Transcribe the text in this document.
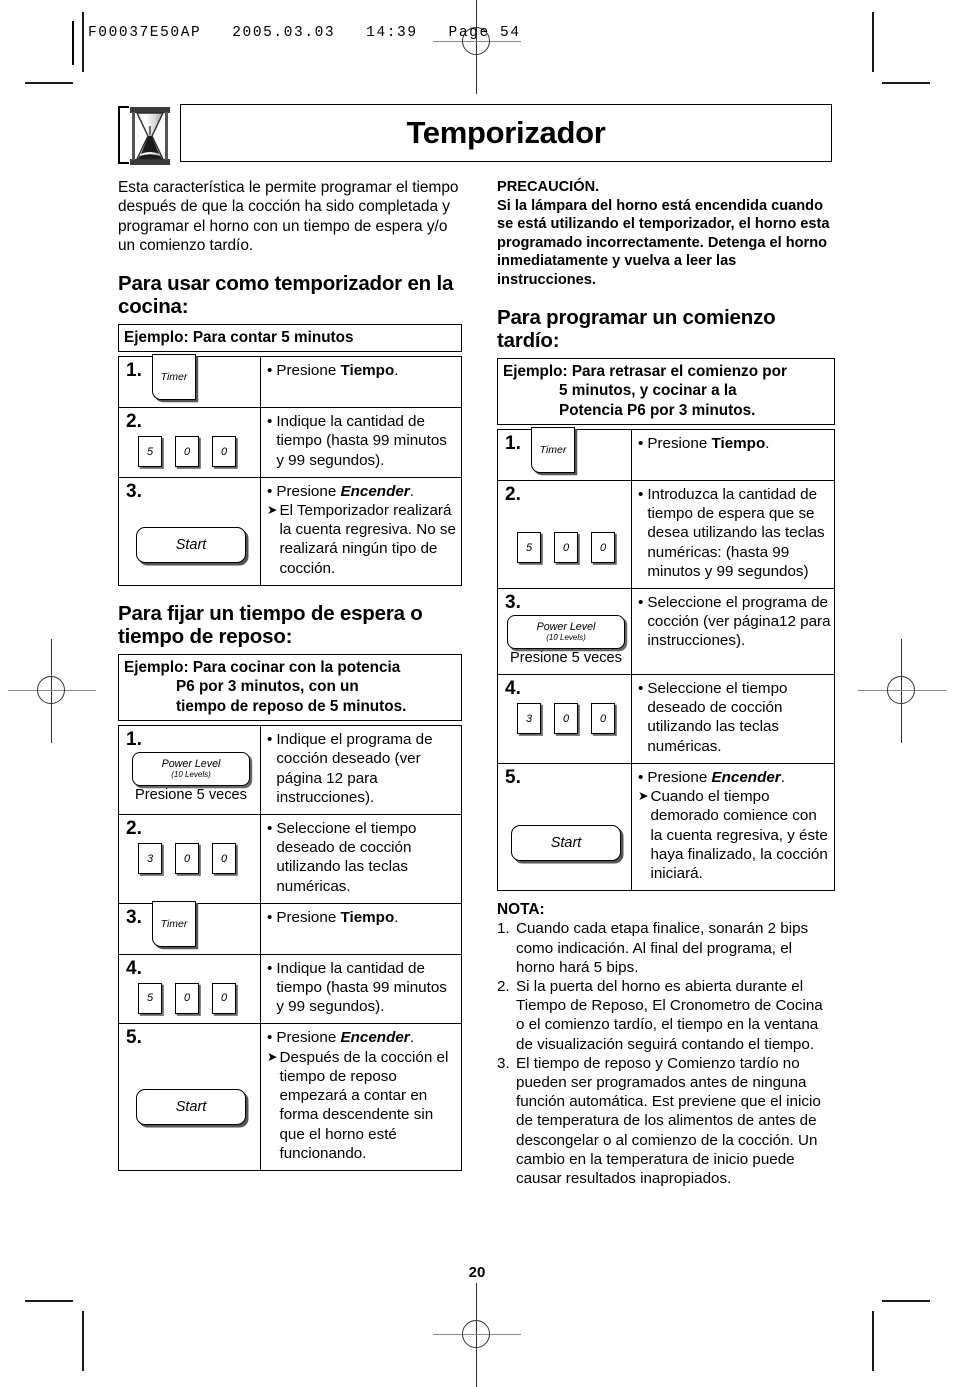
F00037E50AP   2005.03.03   14:39   Page 54
Temporizador

Esta característica le permite programar el tiempo después de que la cocción ha sido completada y programar el horno con un tiempo de espera y/o un comienzo tardío.

Para usar como temporizador en la cocina:
Ejemplo: Para contar 5 minutos
1.	Timer	• Presione Tiempo.
2.
5	0	0
• Indique la cantidad de tiempo (hasta 99 minutos y 99 segundos).
3.
Start
• Presione Encender.
➤ El Temporizador realizará la cuenta regresiva. No se realizará ningún tipo de cocción.
Para fijar un tiempo de espera o tiempo de reposo:
Ejemplo: Para cocinar con la potencia
P6 por 3 minutos, con un
tiempo de reposo de 5 minutos.
1.
Power Level
(10 Levels)
Presione 5 veces
• Indique el programa de cocción deseado (ver página 12 para instrucciones).
2.
3	0	0
• Seleccione el tiempo deseado de cocción utilizando las teclas numéricas.
3.	Timer	• Presione Tiempo.
4.
5	0	0
• Indique la cantidad de tiempo (hasta 99 minutos y 99 segundos).
5.
Start
• Presione Encender.
➤ Después de la cocción el tiempo de reposo empezará a contar en forma descendente sin que el horno esté funcionando.

PRECAUCIÓN.
Si la lámpara del horno está encendida cuando se está utilizando el temporizador, el horno esta programado incorrectamente. Detenga el horno inmediatamente y vuelva a leer las instrucciones.

Para programar un comienzo tardío:
Ejemplo: Para retrasar el comienzo por
5 minutos, y cocinar a la
Potencia P6 por 3 minutos.
1.	Timer	• Presione Tiempo.
2.
5	0	0
• Introduzca la cantidad de tiempo de espera que se desea utilizando las teclas numéricas: (hasta 99 minutos y 99 segundos)
3.
Power Level
(10 Levels)
Presione 5 veces
• Seleccione el programa de cocción (ver página12 para instrucciones).
4.
3	0	0
• Seleccione el tiempo deseado de cocción utilizando las teclas numéricas.
5.
Start
• Presione Encender.
➤ Cuando el tiempo demorado comience con la cuenta regresiva, y éste haya finalizado, la cocción iniciará.
NOTA:
1. Cuando cada etapa finalice, sonarán 2 bips como indicación. Al final del programa, el horno hará 5 bips.
2. Si la puerta del horno es abierta durante el Tiempo de Reposo, El Cronometro de Cocina o el comienzo tardío, el tiempo en la ventana de visualización seguirá contando el tiempo.
3. El tiempo de reposo y Comienzo tardío no pueden ser programados antes de ninguna función automática. Est previene que el inicio de temperatura de los alimentos de antes de descongelar o al comienzo de la cocción. Un cambio en la temperatura de inicio puede causar resultados inapropiados.
20
